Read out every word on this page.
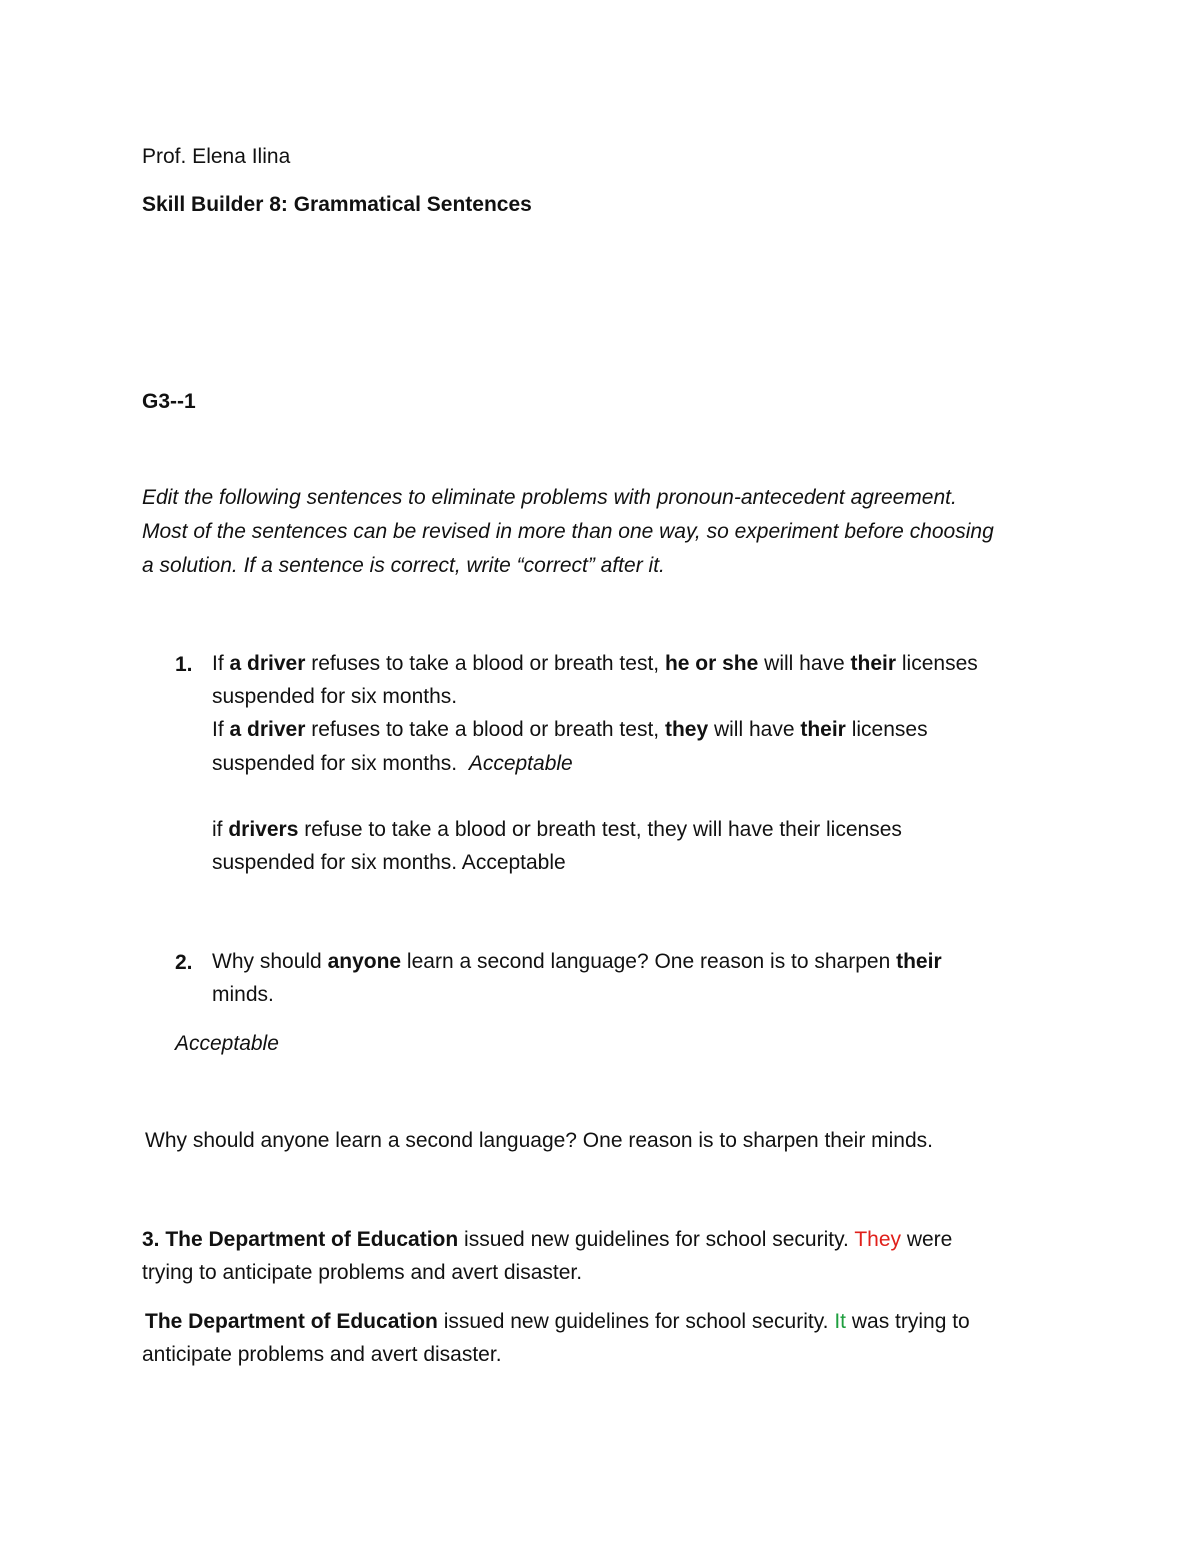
Prof. Elena Ilina
Skill Builder 8: Grammatical Sentences
G3--1
Edit the following sentences to eliminate problems with pronoun-antecedent agreement.
Most of the sentences can be revised in more than one way, so experiment before choosing
a solution. If a sentence is correct, write “correct” after it.
1. If a driver refuses to take a blood or breath test, he or she will have their licenses
suspended for six months.
If a driver refuses to take a blood or breath test, they will have their licenses
suspended for six months.  Acceptable
if drivers refuse to take a blood or breath test, they will have their licenses
suspended for six months. Acceptable
2. Why should anyone learn a second language? One reason is to sharpen their
minds.
Acceptable
Why should anyone learn a second language? One reason is to sharpen their minds.
3. The Department of Education issued new guidelines for school security. They were
trying to anticipate problems and avert disaster.
The Department of Education issued new guidelines for school security. It was trying to
anticipate problems and avert disaster.
